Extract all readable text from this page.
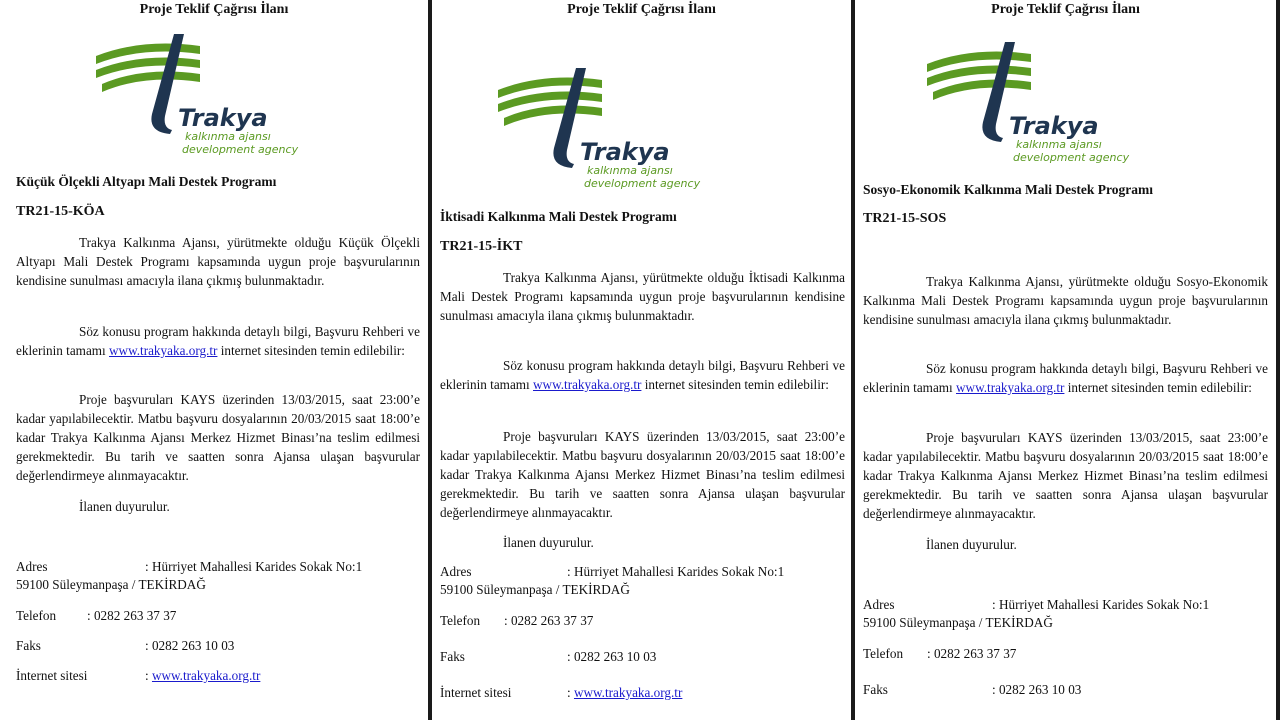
Proje Teklif Çağrısı İlanı
Trakya
kalkınma ajansı
development agency
Küçük Ölçekli Altyapı Mali Destek Programı
TR21-15-KÖA
Trakya Kalkınma Ajansı, yürütmekte olduğu Küçük Ölçekli Altyapı Mali Destek Programı kapsamında uygun proje başvurularının kendisine sunulması amacıyla ilana çıkmış bulunmaktadır.
Söz konusu program hakkında detaylı bilgi, Başvuru Rehberi ve eklerinin tamamı www.trakyaka.org.tr internet sitesinden temin edilebilir:
Proje başvuruları KAYS üzerinden 13/03/2015, saat 23:00’e kadar yapılabilecektir. Matbu başvuru dosyalarının 20/03/2015 saat 18:00’e kadar Trakya Kalkınma Ajansı Merkez Hizmet Binası’na teslim edilmesi gerekmektedir. Bu tarih ve saatten sonra Ajansa ulaşan başvurular değerlendirmeye alınmayacaktır.
İlanen duyurulur.
Adres	: Hürriyet Mahallesi Karides Sokak No:1
59100 Süleymanpaşa / TEKİRDAĞ
Telefon : 0282 263 37 37
Faks	: 0282 263 10 03
İnternet sitesi	: www.trakyaka.org.tr
Proje Teklif Çağrısı İlanı
Trakya
kalkınma ajansı
development agency
İktisadi Kalkınma Mali Destek Programı
TR21-15-İKT
Trakya Kalkınma Ajansı, yürütmekte olduğu İktisadi Kalkınma Mali Destek Programı kapsamında uygun proje başvurularının kendisine sunulması amacıyla ilana çıkmış bulunmaktadır.
Söz konusu program hakkında detaylı bilgi, Başvuru Rehberi ve eklerinin tamamı www.trakyaka.org.tr internet sitesinden temin edilebilir:
Proje başvuruları KAYS üzerinden 13/03/2015, saat 23:00’e kadar yapılabilecektir. Matbu başvuru dosyalarının 20/03/2015 saat 18:00’e kadar Trakya Kalkınma Ajansı Merkez Hizmet Binası’na teslim edilmesi gerekmektedir. Bu tarih ve saatten sonra Ajansa ulaşan başvurular değerlendirmeye alınmayacaktır.
İlanen duyurulur.
Adres	: Hürriyet Mahallesi Karides Sokak No:1
59100 Süleymanpaşa / TEKİRDAĞ
Telefon : 0282 263 37 37
Faks	: 0282 263 10 03
İnternet sitesi	: www.trakyaka.org.tr
Proje Teklif Çağrısı İlanı
Trakya
kalkınma ajansı
development agency
Sosyo-Ekonomik Kalkınma Mali Destek Programı
TR21-15-SOS
Trakya Kalkınma Ajansı, yürütmekte olduğu Sosyo-Ekonomik Kalkınma Mali Destek Programı kapsamında uygun proje başvurularının kendisine sunulması amacıyla ilana çıkmış bulunmaktadır.
Söz konusu program hakkında detaylı bilgi, Başvuru Rehberi ve eklerinin tamamı www.trakyaka.org.tr internet sitesinden temin edilebilir:
Proje başvuruları KAYS üzerinden 13/03/2015, saat 23:00’e kadar yapılabilecektir. Matbu başvuru dosyalarının 20/03/2015 saat 18:00’e kadar Trakya Kalkınma Ajansı Merkez Hizmet Binası’na teslim edilmesi gerekmektedir. Bu tarih ve saatten sonra Ajansa ulaşan başvurular değerlendirmeye alınmayacaktır.
İlanen duyurulur.
Adres	: Hürriyet Mahallesi Karides Sokak No:1
59100 Süleymanpaşa / TEKİRDAĞ
Telefon : 0282 263 37 37
Faks	: 0282 263 10 03
